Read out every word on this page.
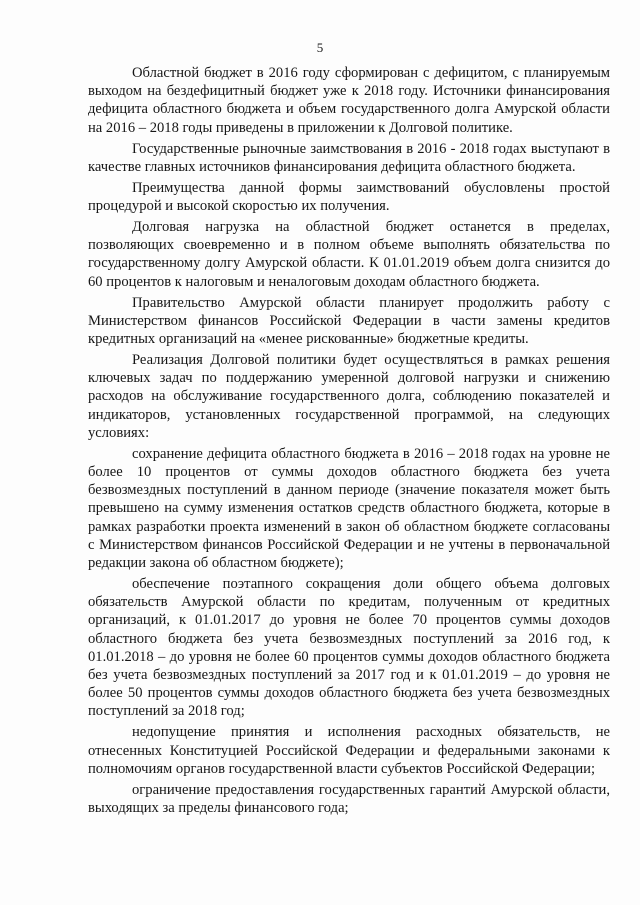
5

Областной бюджет в 2016 году сформирован с дефицитом, с планируемым выходом на бездефицитный бюджет уже к 2018 году. Источники финансирования дефицита областного бюджета и объем государственного долга Амурской области на 2016 – 2018 годы приведены в приложении к Долговой политике.

Государственные рыночные заимствования в 2016 - 2018 годах выступают в качестве главных источников финансирования дефицита областного бюджета.

Преимущества данной формы заимствований обусловлены простой процедурой и высокой скоростью их получения.

Долговая нагрузка на областной бюджет останется в пределах, позволяющих своевременно и в полном объеме выполнять обязательства по государственному долгу Амурской области. К 01.01.2019 объем долга снизится до 60 процентов к налоговым и неналоговым доходам областного бюджета.

Правительство Амурской области планирует продолжить работу с Министерством финансов Российской Федерации в части замены кредитов кредитных организаций на «менее рискованные» бюджетные кредиты.

Реализация Долговой политики будет осуществляться в рамках решения ключевых задач по поддержанию умеренной долговой нагрузки и снижению расходов на обслуживание государственного долга, соблюдению показателей и индикаторов, установленных государственной программой, на следующих условиях:

сохранение дефицита областного бюджета в 2016 – 2018 годах на уровне не более 10 процентов от суммы доходов областного бюджета без учета безвозмездных поступлений в данном периоде (значение показателя может быть превышено на сумму изменения остатков средств областного бюджета, которые в рамках разработки проекта изменений в закон об областном бюджете согласованы с Министерством финансов Российской Федерации и не учтены в первоначальной редакции закона об областном бюджете);

обеспечение поэтапного сокращения доли общего объема долговых обязательств Амурской области по кредитам, полученным от кредитных организаций, к 01.01.2017 до уровня не более 70 процентов суммы доходов областного бюджета без учета безвозмездных поступлений за 2016 год, к 01.01.2018 – до уровня не более 60 процентов суммы доходов областного бюджета без учета безвозмездных поступлений за 2017 год и к 01.01.2019 – до уровня не более 50 процентов суммы доходов областного бюджета без учета безвозмездных поступлений за 2018 год;

недопущение принятия и исполнения расходных обязательств, не отнесенных Конституцией Российской Федерации и федеральными законами к полномочиям органов государственной власти субъектов Российской Федерации;

ограничение предоставления государственных гарантий Амурской области, выходящих за пределы финансового года;
